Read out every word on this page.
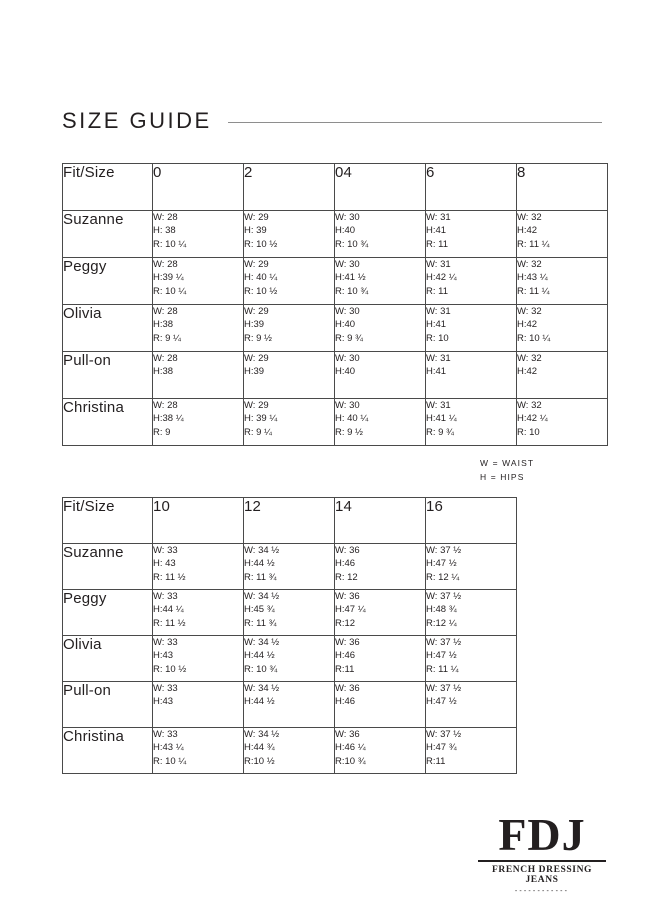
SIZE GUIDE
Fit/Size	0	2	04	6	8
Suzanne	W: 28
H: 38
R: 10 ¼	W: 29
H: 39
R: 10 ½	W: 30
H:40
R: 10 ¾	W: 31
H:41
R: 11	W: 32
H:42
R: 11 ¼

Peggy	W: 28
H:39 ¼
R: 10 ¼	W: 29
H: 40 ¼
R: 10 ½	W: 30
H:41 ½
R: 10 ¾	W: 31
H:42 ¼
R: 11	W: 32
H:43 ¼
R: 11 ¼

Olivia	W: 28
H:38
R: 9 ¼	W: 29
H:39
R: 9 ½	W: 30
H:40
R: 9 ¾	W: 31
H:41
R: 10	W: 32
H:42
R: 10 ¼

Pull-on	W: 28
H:38	W: 29
H:39	W: 30
H:40	W: 31
H:41	W: 32
H:42

Christina	W: 28
H:38 ¼
R: 9	W: 29
H: 39 ¼
R: 9 ¼	W: 30
H: 40 ¼
R: 9 ½	W: 31
H:41 ¼
R: 9 ¾	W: 32
H:42 ¼
R: 10
W = WAIST
H = HIPS
Fit/Size	10	12	14	16
Suzanne	W: 33
H: 43
R: 11 ½	W: 34 ½
H:44 ½
R: 11 ¾	W: 36
H:46
R: 12	W: 37 ½
H:47 ½
R: 12 ¼

Peggy	W: 33
H:44 ¼
R: 11 ½	W: 34 ½
H:45 ¾
R: 11 ¾	W: 36
H:47 ¼
R:12	W: 37 ½
H:48 ¾
R:12 ¼

Olivia	W: 33
H:43
R: 10 ½	W: 34 ½
H:44 ½
R: 10 ¾	W: 36
H:46
R:11	W: 37 ½
H:47 ½
R: 11 ¼

Pull-on	W: 33
H:43	W: 34 ½
H:44 ½	W: 36
H:46	W: 37 ½
H:47 ½

Christina	W: 33
H:43 ¼
R: 10 ¼	W: 34 ½
H:44 ¾
R:10 ½	W: 36
H:46 ¼
R:10 ¾	W: 37 ½
H:47 ¾
R:11
FDJ
FRENCH DRESSING JEANS
------------
